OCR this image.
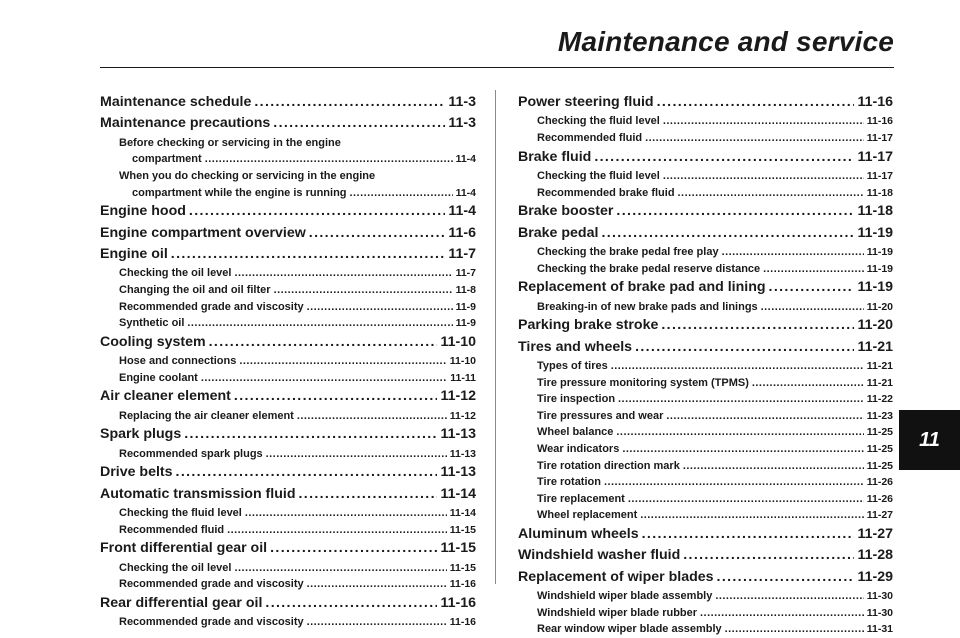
Maintenance and service
Maintenance schedule . . .	11-3
Maintenance precautions . . .	11-3
Before checking or servicing in the engine
compartment . . .	11-4
When you do checking or servicing in the engine
compartment while the engine is running . . .	11-4
Engine hood . . .	11-4
Engine compartment overview . . .	11-6
Engine oil . . .	11-7
Checking the oil level . . .	11-7
Changing the oil and oil filter . . .	11-8
Recommended grade and viscosity . . .	11-9
Synthetic oil . . .	11-9
Cooling system . . .	11-10
Hose and connections . . .	11-10
Engine coolant . . .	11-11
Air cleaner element . . .	11-12
Replacing the air cleaner element . . .	11-12
Spark plugs . . .	11-13
Recommended spark plugs . . .	11-13
Drive belts . . .	11-13
Automatic transmission fluid . . .	11-14
Checking the fluid level . . .	11-14
Recommended fluid . . .	11-15
Front differential gear oil . . .	11-15
Checking the oil level . . .	11-15
Recommended grade and viscosity . . .	11-16
Rear differential gear oil . . .	11-16
Recommended grade and viscosity . . .	11-16
Power steering fluid . . .	11-16
Checking the fluid level . . .	11-16
Recommended fluid . . .	11-17
Brake fluid . . .	11-17
Checking the fluid level . . .	11-17
Recommended brake fluid . . .	11-18
Brake booster . . .	11-18
Brake pedal . . .	11-19
Checking the brake pedal free play . . .	11-19
Checking the brake pedal reserve distance . . .	11-19
Replacement of brake pad and lining . . .	11-19
Breaking-in of new brake pads and linings . . .	11-20
Parking brake stroke . . .	11-20
Tires and wheels . . .	11-21
Types of tires . . .	11-21
Tire pressure monitoring system (TPMS) . . .	11-21
Tire inspection . . .	11-22
Tire pressures and wear . . .	11-23
Wheel balance . . .	11-25
Wear indicators . . .	11-25
Tire rotation direction mark . . .	11-25
Tire rotation . . .	11-26
Tire replacement . . .	11-26
Wheel replacement . . .	11-27
Aluminum wheels . . .	11-27
Windshield washer fluid . . .	11-28
Replacement of wiper blades . . .	11-29
Windshield wiper blade assembly . . .	11-30
Windshield wiper blade rubber . . .	11-30
Rear window wiper blade assembly . . .	11-31
11
